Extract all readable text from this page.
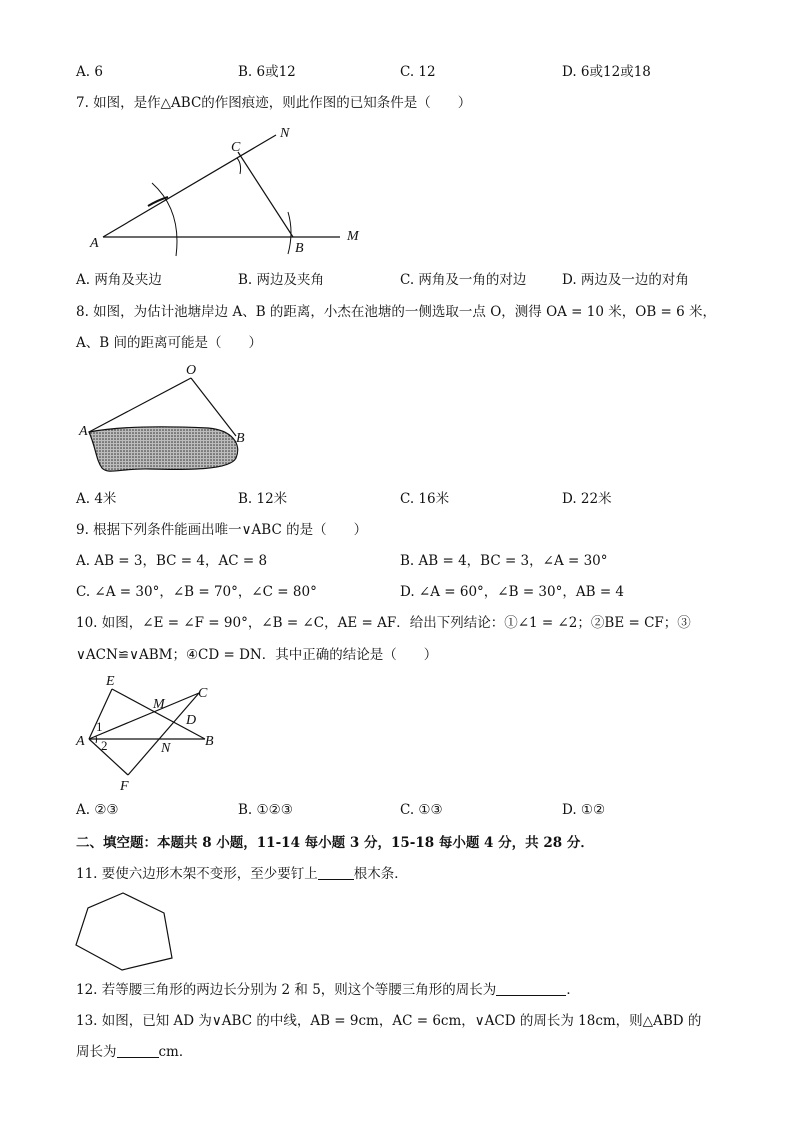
A. 6	B. 6或12	C. 12	D. 6或12或18
7. 如图，是作△ABC的作图痕迹，则此作图的已知条件是（　　）
A	B
C
M
N
A. 两角及夹边	B. 两边及夹角	C. 两角及一角的对边	D. 两边及一边的对角
8. 如图，为估计池塘岸边 A、B 的距离，小杰在池塘的一侧选取一点 O，测得 OA = 10 米，OB = 6 米，
A、B 间的距离可能是（　　）
O
A	B
A. 4米	B. 12米	C. 16米	D. 22米
9. 根据下列条件能画出唯一∨ABC 的是（　　）
A. AB = 3，BC = 4，AC = 8	B. AB = 4，BC = 3，∠A = 30°
C. ∠A = 30°，∠B = 70°，∠C = 80°	D. ∠A = 60°，∠B = 30°，AB = 4
10. 如图，∠E = ∠F = 90°，∠B = ∠C，AE = AF．给出下列结论：①∠1 = ∠2；②BE = CF；③
∨ACN≌∨ABM；④CD = DN．其中正确的结论是（　　）
E
C
M
D
A	B
N
F
1
2
A. ②③	B. ①②③	C. ①③	D. ①②
二、填空题：本题共 8 小题，11-14 每小题 3 分，15-18 每小题 4 分，共 28 分．
11. 要使六边形木架不变形，至少要钉上	根木条．
12. 若等腰三角形的两边长分别为 2 和 5，则这个等腰三角形的周长为	．
13. 如图，已知 AD 为∨ABC 的中线，AB = 9cm，AC = 6cm，∨ACD 的周长为 18cm，则△ABD 的
周长为	cm．
